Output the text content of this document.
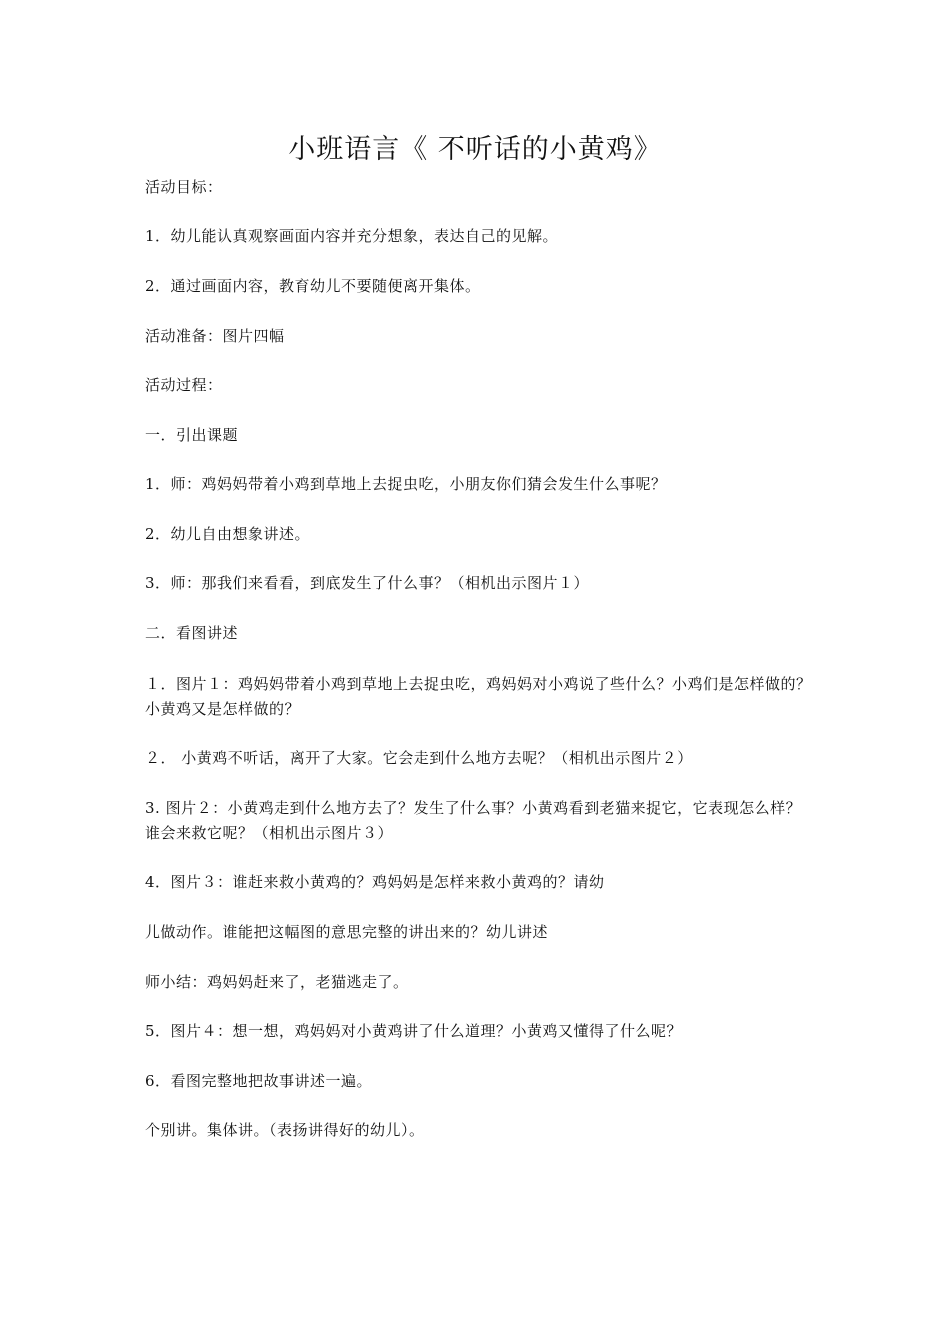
小班语言《 不听话的小黄鸡》
活动目标：
1．幼儿能认真观察画面内容并充分想象，表达自己的见解。
2．通过画面内容，教育幼儿不要随便离开集体。
活动准备：图片四幅
活动过程：
一．引出课题
1．师：鸡妈妈带着小鸡到草地上去捉虫吃，小朋友你们猜会发生什么事呢？
2．幼儿自由想象讲述。
3．师：那我们来看看，到底发生了什么事？（相机出示图片１）
二．看图讲述
１．图片１：鸡妈妈带着小鸡到草地上去捉虫吃，鸡妈妈对小鸡说了些什么？小鸡们是怎样做的？小黄鸡又是怎样做的？
２． 小黄鸡不听话，离开了大家。它会走到什么地方去呢？（相机出示图片２）
3. 图片２：小黄鸡走到什么地方去了？发生了什么事？小黄鸡看到老猫来捉它，它表现怎么样？谁会来救它呢？（相机出示图片３）
4．图片３：谁赶来救小黄鸡的？鸡妈妈是怎样来救小黄鸡的？请幼
儿做动作。谁能把这幅图的意思完整的讲出来的？幼儿讲述
师小结：鸡妈妈赶来了，老猫逃走了。
5．图片４：想一想，鸡妈妈对小黄鸡讲了什么道理？小黄鸡又懂得了什么呢？
6．看图完整地把故事讲述一遍。
个别讲。集体讲。（表扬讲得好的幼儿）。
